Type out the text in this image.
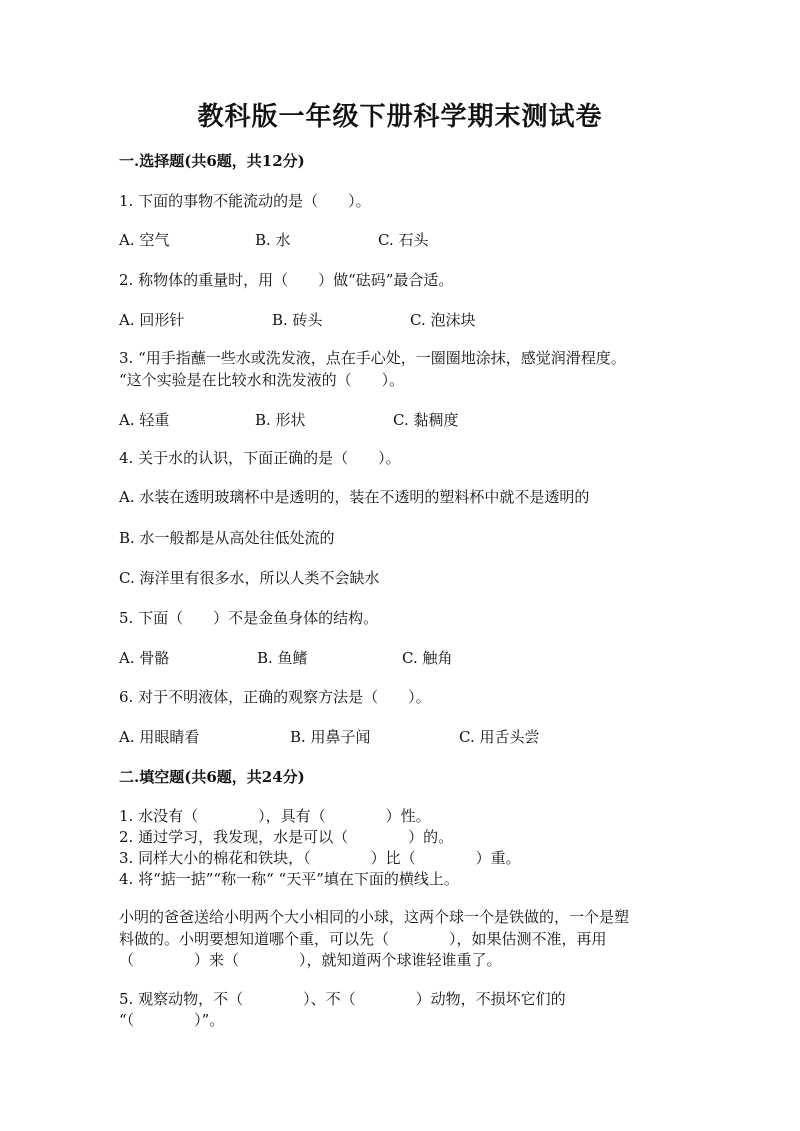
教科版一年级下册科学期末测试卷
一.选择题(共6题，共12分)
1. 下面的事物不能流动的是（　　）。
A. 空气	B. 水	C. 石头
2. 称物体的重量时，用（　　）做“砝码”最合适。
A. 回形针	B. 砖头	C. 泡沫块
3. “用手指蘸一些水或洗发液，点在手心处，一圈圈地涂抹，感觉润滑程度。
“这个实验是在比较水和洗发液的（　　）。
A. 轻重	B. 形状	C. 黏稠度
4. 关于水的认识，下面正确的是（　　）。
A. 水装在透明玻璃杯中是透明的，装在不透明的塑料杯中就不是透明的
B. 水一般都是从高处往低处流的
C. 海洋里有很多水，所以人类不会缺水
5. 下面（　　）不是金鱼身体的结构。
A. 骨骼	B. 鱼鳍	C. 触角
6. 对于不明液体，正确的观察方法是（　　）。
A. 用眼睛看	B. 用鼻子闻	C. 用舌头尝
二.填空题(共6题，共24分)
1. 水没有（　　　　），具有（　　　　）性。
2. 通过学习，我发现，水是可以（　　　　）的。
3. 同样大小的棉花和铁块，（　　　　）比（　　　　）重。
4. 将“掂一掂”“称一称“ “天平”填在下面的横线上。
小明的爸爸送给小明两个大小相同的小球，这两个球一个是铁做的，一个是塑
料做的。小明要想知道哪个重，可以先（　　　　），如果估测不准，再用
（　　　　）来（　　　　），就知道两个球谁轻谁重了。
5. 观察动物，不（　　　　）、不（　　　　）动物，不损坏它们的
“（　　　　）”。
